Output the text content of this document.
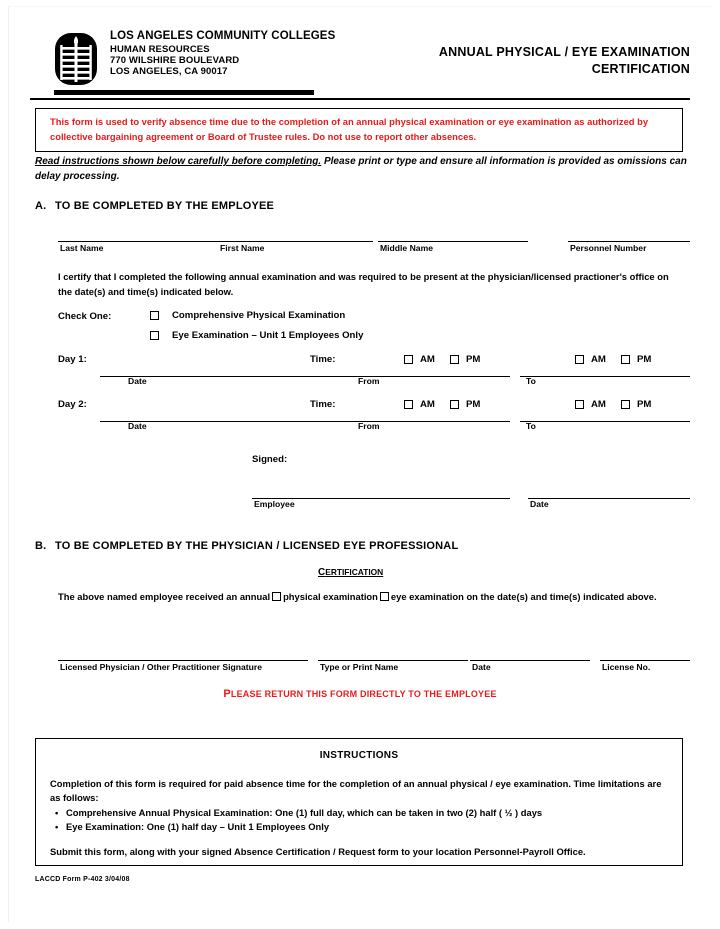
LOS ANGELES COMMUNITY COLLEGES
HUMAN RESOURCES
770 WILSHIRE BOULEVARD
LOS ANGELES, CA 90017
ANNUAL PHYSICAL / EYE EXAMINATION
CERTIFICATION
This form is used to verify absence time due to the completion of an annual physical examination or eye examination as authorized by collective bargaining agreement or Board of Trustee rules. Do not use to report other absences.
Read instructions shown below carefully before completing. Please print or type and ensure all information is provided as omissions can delay processing.
A. TO BE COMPLETED BY THE EMPLOYEE
Last Name	First Name	Middle Name	Personnel Number
I certify that I completed the following annual examination and was required to be present at the physician/licensed practioner's office on the date(s) and time(s) indicated below.
Check One:	Comprehensive Physical Examination
Eye Examination – Unit 1 Employees Only
Day 1:	Time:	AM	PM	AM	PM
Date	From	To
Day 2:	Time:	AM	PM	AM	PM
Date	From	To
Signed:
Employee	Date
B. TO BE COMPLETED BY THE PHYSICIAN / LICENSED EYE PROFESSIONAL
CERTIFICATION
The above named employee received an annual physical examination eye examination on the date(s) and time(s) indicated above.
Licensed Physician / Other Practitioner Signature	Type or Print Name	Date	License No.
PLEASE RETURN THIS FORM DIRECTLY TO THE EMPLOYEE
INSTRUCTIONS
Completion of this form is required for paid absence time for the completion of an annual physical / eye examination. Time limitations are as follows:
• Comprehensive Annual Physical Examination: One (1) full day, which can be taken in two (2) half ( ½ ) days
• Eye Examination: One (1) half day – Unit 1 Employees Only
Submit this form, along with your signed Absence Certification / Request form to your location Personnel-Payroll Office.
LACCD Form P-402 3/04/08
